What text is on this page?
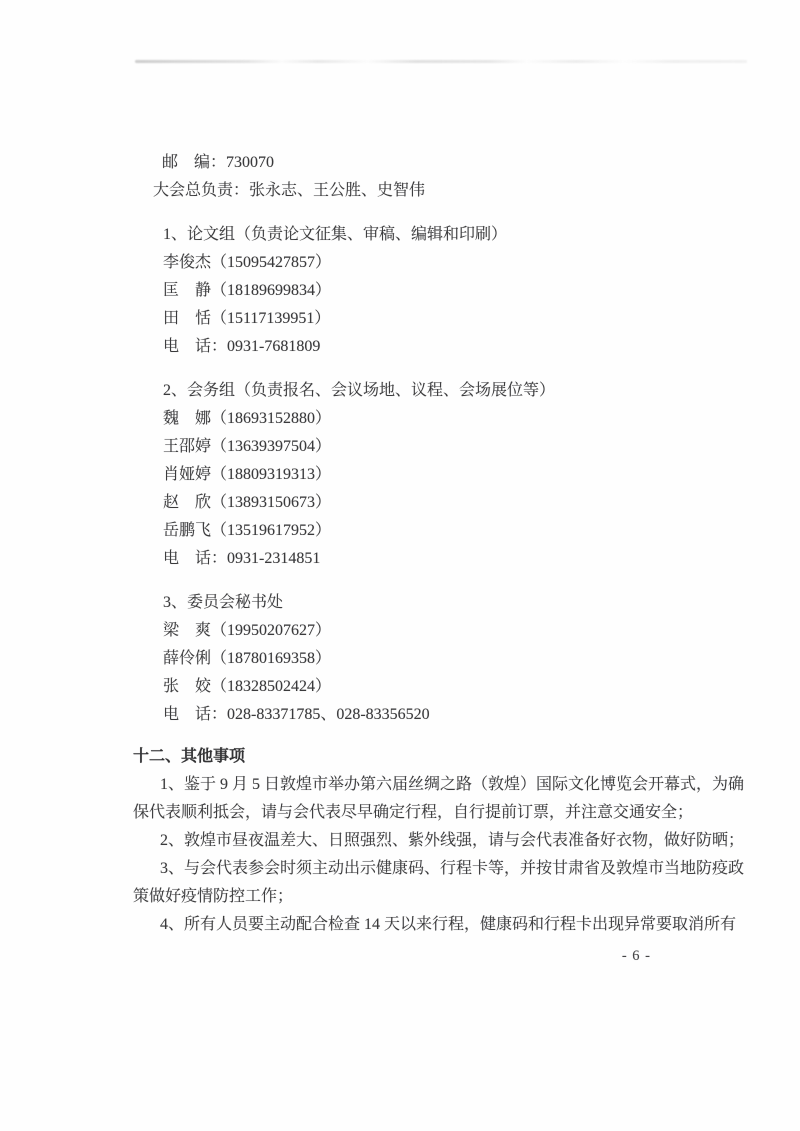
邮　编：730070

大会总负责：张永志、王公胜、史智伟

1、论文组（负责论文征集、审稿、编辑和印刷）

李俊杰（15095427857）

匡　静（18189699834）

田　恬（15117139951）

电　话：0931-7681809

2、会务组（负责报名、会议场地、议程、会场展位等）

魏　娜（18693152880）

王邵婷（13639397504）

肖娅婷（18809319313）

赵　欣（13893150673）

岳鹏飞（13519617952）

电　话：0931-2314851

3、委员会秘书处

梁　爽（19950207627）

薛伶俐（18780169358）

张　姣（18328502424）

电　话：028-83371785、028-83356520

十二、其他事项

1、鉴于 9 月 5 日敦煌市举办第六届丝绸之路（敦煌）国际文化博览会开幕式，为确

保代表顺利抵会，请与会代表尽早确定行程，自行提前订票，并注意交通安全；

2、敦煌市昼夜温差大、日照强烈、紫外线强，请与会代表准备好衣物，做好防晒；

3、与会代表参会时须主动出示健康码、行程卡等，并按甘肃省及敦煌市当地防疫政

策做好疫情防控工作；

4、所有人员要主动配合检查 14 天以来行程，健康码和行程卡出现异常要取消所有

- 6 -
